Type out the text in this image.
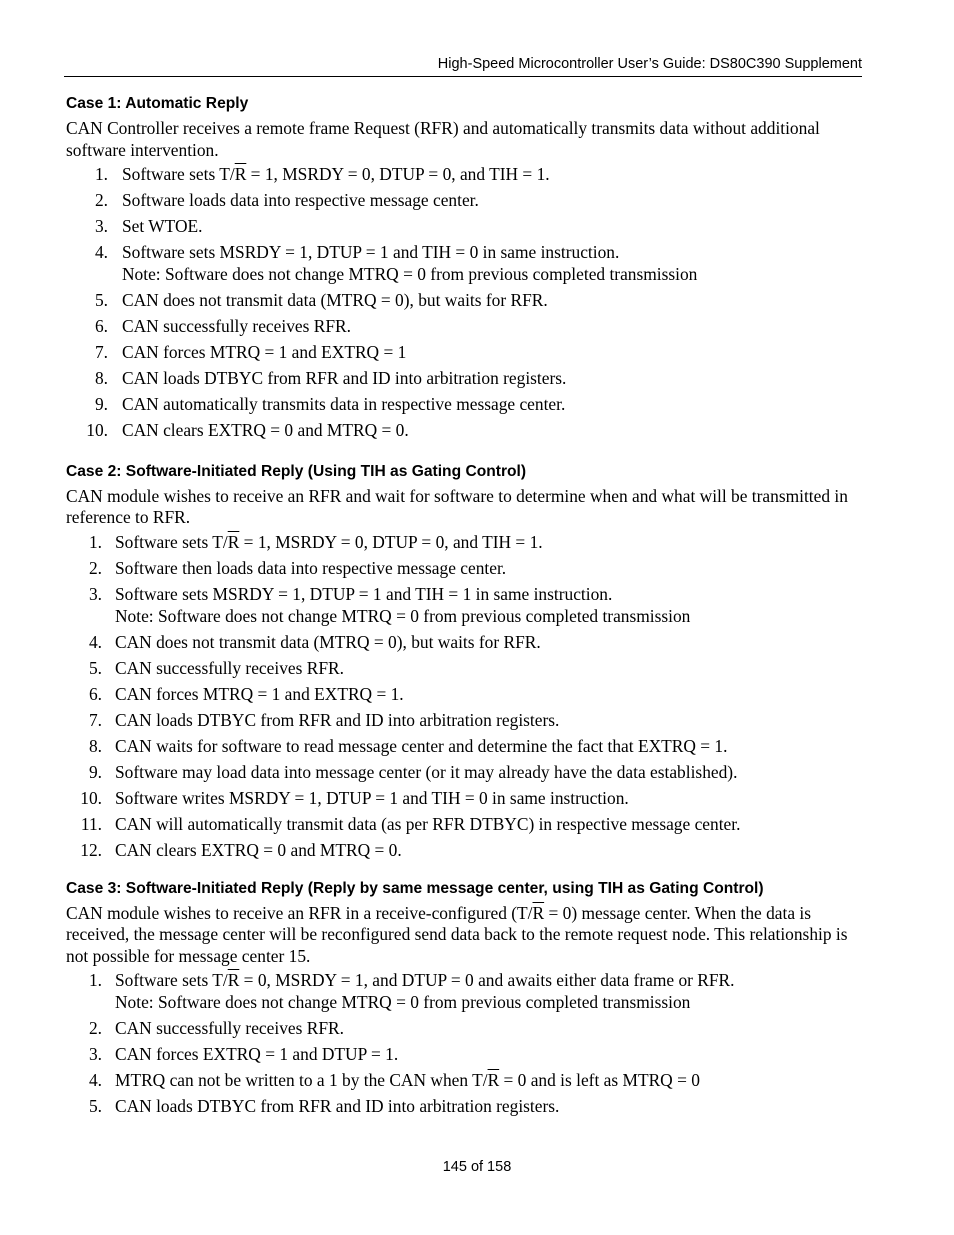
High-Speed Microcontroller User’s Guide: DS80C390 Supplement
Case 1: Automatic Reply

CAN Controller receives a remote frame Request (RFR) and automatically transmits data without additional software intervention.

1. Software sets $T/\overline{R} = 1$, MSRDY = 0, DTUP = 0, and TIH = 1.
2. Software loads data into respective message center.
3. Set WTOE.
4. Software sets MSRDY = 1, DTUP = 1 and TIH = 0 in same instruction.
Note: Software does not change MTRQ = 0 from previous completed transmission
5. CAN does not transmit data (MTRQ = 0), but waits for RFR.
6. CAN successfully receives RFR.
7. CAN forces MTRQ = 1 and EXTRQ = 1
8. CAN loads DTBYC from RFR and ID into arbitration registers.
9. CAN automatically transmits data in respective message center.
10. CAN clears EXTRQ = 0 and MTRQ = 0.
Case 2: Software-Initiated Reply (Using TIH as Gating Control)

CAN module wishes to receive an RFR and wait for software to determine when and what will be transmitted in reference to RFR.

1. Software sets $T/\overline{R} = 1$, MSRDY = 0, DTUP = 0, and TIH = 1.
2. Software then loads data into respective message center.
3. Software sets MSRDY = 1, DTUP = 1 and TIH = 1 in same instruction.
Note: Software does not change MTRQ = 0 from previous completed transmission
4. CAN does not transmit data (MTRQ = 0), but waits for RFR.
5. CAN successfully receives RFR.
6. CAN forces MTRQ = 1 and EXTRQ = 1.
7. CAN loads DTBYC from RFR and ID into arbitration registers.
8. CAN waits for software to read message center and determine the fact that EXTRQ = 1.
9. Software may load data into message center (or it may already have the data established).
10. Software writes MSRDY = 1, DTUP = 1 and TIH = 0 in same instruction.
11. CAN will automatically transmit data (as per RFR DTBYC) in respective message center.
12. CAN clears EXTRQ = 0 and MTRQ = 0.
Case 3: Software-Initiated Reply (Reply by same message center, using TIH as Gating Control)

CAN module wishes to receive an RFR in a receive-configured $(T/\overline{R} = 0)$ message center. When the data is received, the message center will be reconfigured send data back to the remote request node. This relationship is not possible for message center 15.

1. Software sets $T/\overline{R} = 0$, MSRDY = 1, and DTUP = 0 and awaits either data frame or RFR.
Note: Software does not change MTRQ = 0 from previous completed transmission
2. CAN successfully receives RFR.
3. CAN forces EXTRQ = 1 and DTUP = 1.
4. MTRQ can not be written to a 1 by the CAN when $T/\overline{R} = 0$ and is left as MTRQ = 0
5. CAN loads DTBYC from RFR and ID into arbitration registers.
145 of 158
